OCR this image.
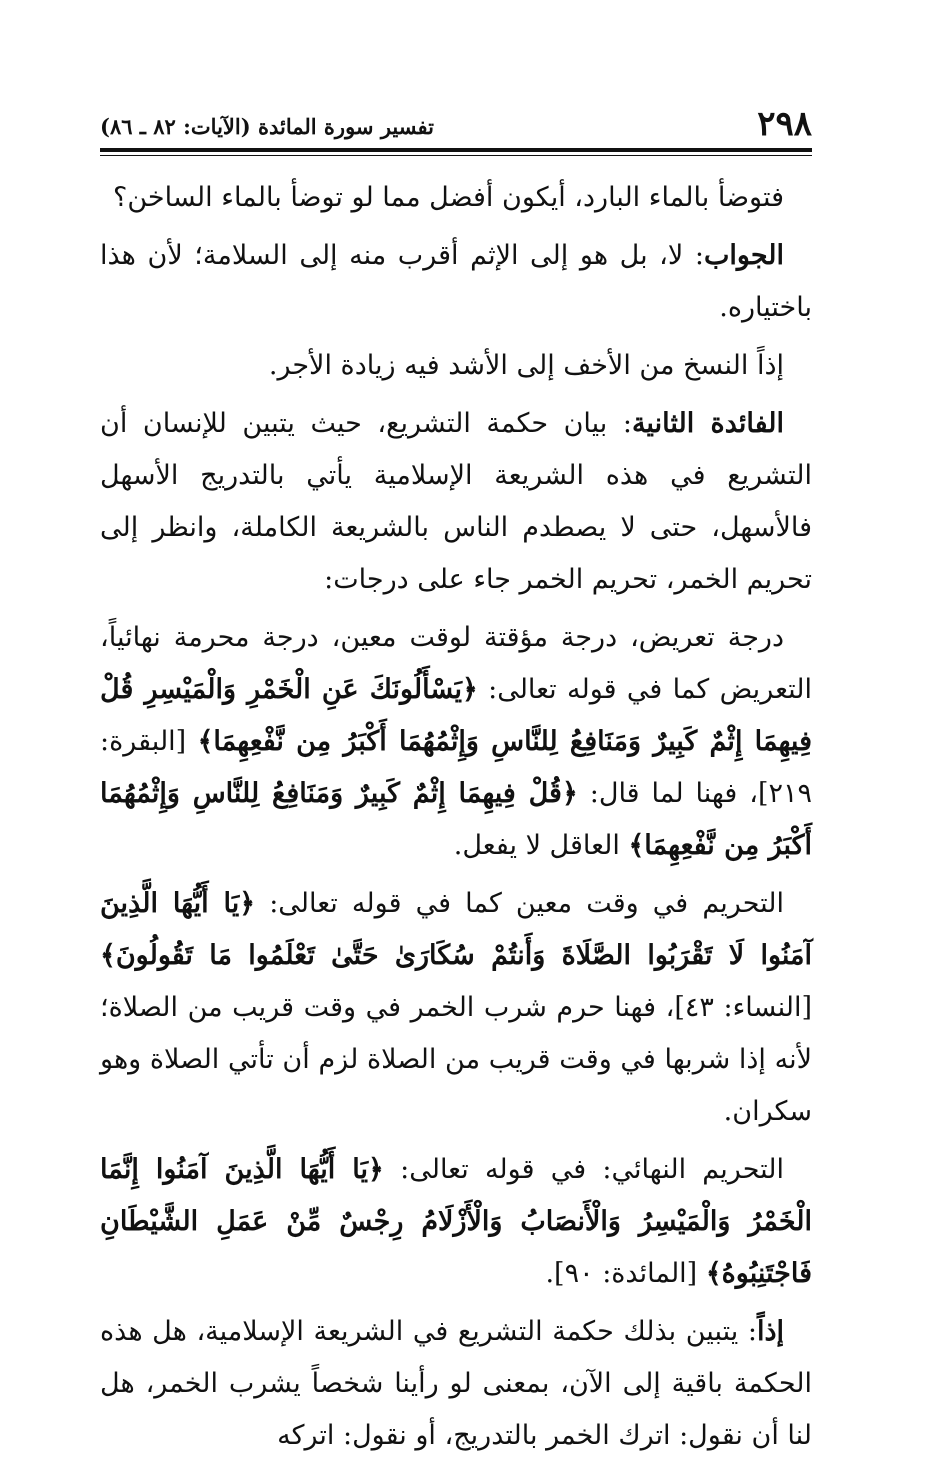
٢٩٨
تفسير سورة المائدة (الآيات: ٨٢ ـ ٨٦)

فتوضأ بالماء البارد، أيكون أفضل مما لو توضأ بالماء الساخن؟

الجواب: لا، بل هو إلى الإثم أقرب منه إلى السلامة؛ لأن هذا باختياره.

إذاً النسخ من الأخف إلى الأشد فيه زيادة الأجر.

الفائدة الثانية: بيان حكمة التشريع، حيث يتبين للإنسان أن التشريع في هذه الشريعة الإسلامية يأتي بالتدريج الأسهل فالأسهل، حتى لا يصطدم الناس بالشريعة الكاملة، وانظر إلى تحريم الخمر، تحريم الخمر جاء على درجات:

درجة تعريض، درجة مؤقتة لوقت معين، درجة محرمة نهائياً، التعريض كما في قوله تعالى: ﴿يَسْأَلُونَكَ عَنِ الْخَمْرِ وَالْمَيْسِرِ قُلْ فِيهِمَا إِثْمٌ كَبِيرٌ وَمَنَافِعُ لِلنَّاسِ وَإِثْمُهُمَا أَكْبَرُ مِن نَّفْعِهِمَا﴾ [البقرة: ٢١٩]، فهنا لما قال: ﴿قُلْ فِيهِمَا إِثْمٌ كَبِيرٌ وَمَنَافِعُ لِلنَّاسِ وَإِثْمُهُمَا أَكْبَرُ مِن نَّفْعِهِمَا﴾ العاقل لا يفعل.

التحريم في وقت معين كما في قوله تعالى: ﴿يَا أَيُّهَا الَّذِينَ آمَنُوا لَا تَقْرَبُوا الصَّلَاةَ وَأَنتُمْ سُكَارَىٰ حَتَّىٰ تَعْلَمُوا مَا تَقُولُونَ﴾ [النساء: ٤٣]، فهنا حرم شرب الخمر في وقت قريب من الصلاة؛ لأنه إذا شربها في وقت قريب من الصلاة لزم أن تأتي الصلاة وهو سكران.

التحريم النهائي: في قوله تعالى: ﴿يَا أَيُّهَا الَّذِينَ آمَنُوا إِنَّمَا الْخَمْرُ وَالْمَيْسِرُ وَالْأَنصَابُ وَالْأَزْلَامُ رِجْسٌ مِّنْ عَمَلِ الشَّيْطَانِ فَاجْتَنِبُوهُ﴾ [المائدة: ٩٠].

إذاً: يتبين بذلك حكمة التشريع في الشريعة الإسلامية، هل هذه الحكمة باقية إلى الآن، بمعنى لو رأينا شخصاً يشرب الخمر، هل لنا أن نقول: اترك الخمر بالتدريج، أو نقول: اتركه
